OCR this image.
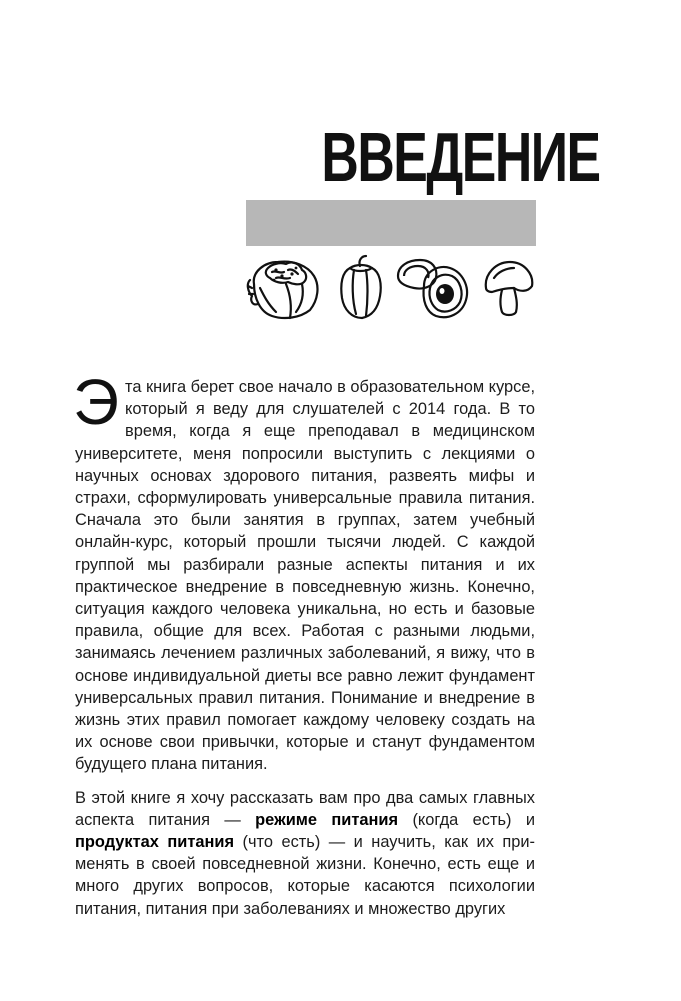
ВВЕДЕНИЕ

Эта книга берет свое начало в образовательном курсе, который я веду для слушателей с 2014 года. В то время, когда я еще преподавал в медицинском университете, меня попросили выступить с лекциями о научных основах здорового питания, развеять мифы и страхи, сформулировать универсальные правила питания. Сначала это были занятия в группах, затем учебный онлайн-курс, который прошли тысячи людей. С каждой группой мы разбирали разные аспекты питания и их практическое внедрение в повседневную жизнь. Конечно, ситуация каждого человека уникальна, но есть и базовые правила, общие для всех. Работая с разными людьми, занимаясь лечением различных заболеваний, я вижу, что в основе индивидуальной диеты все равно лежит фундамент универсальных правил питания. Понимание и внедрение в жизнь этих правил помогает каждому человеку создать на их основе свои привычки, которые и станут фундаментом будущего плана питания.

В этой книге я хочу рассказать вам про два самых главных аспекта питания — режиме питания (когда есть) и продуктах питания (что есть) — и научить, как их применять в своей повседневной жизни. Конечно, есть еще и много других вопросов, которые касаются психологии питания, питания при заболеваниях и множество других
